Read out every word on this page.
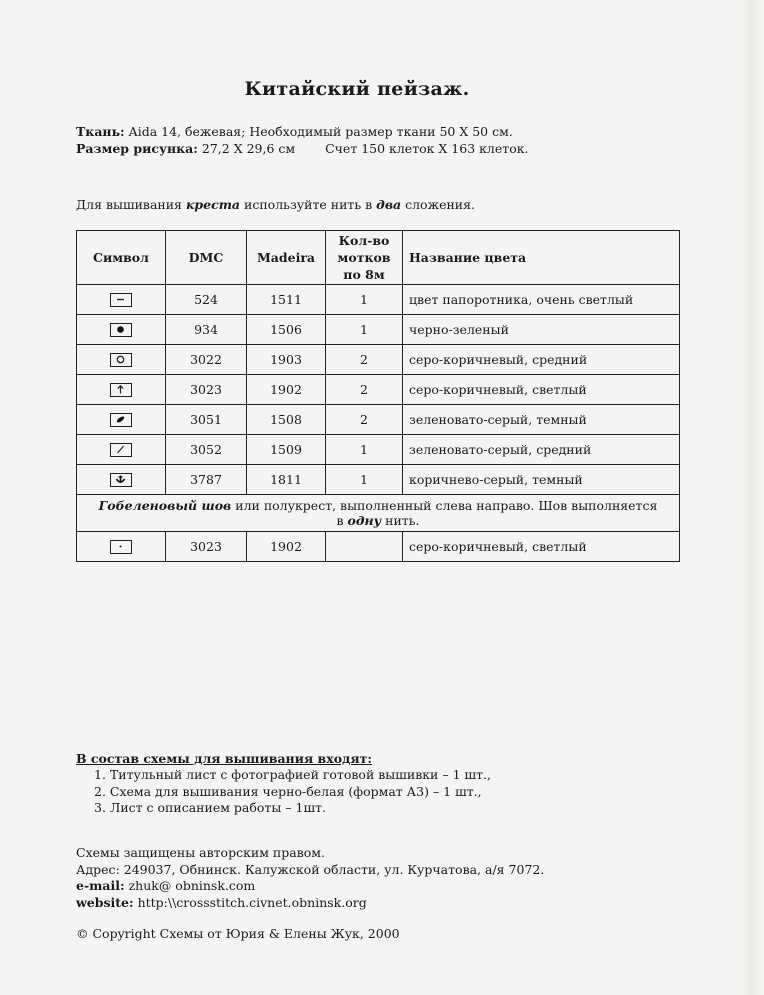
Китайский пейзаж.
Ткань: Aida 14, бежевая; Необходимый размер ткани 50 Х 50 см.
Размер рисунка: 27,2 Х 29,6 см Счет 150 клеток Х 163 клеток.
Для вышивания креста используйте нить в два сложения.
Символ	DMC	Madeira	Кол-во
мотков
по 8м	Название цвета

	524	1511	1	цвет папоротника, очень светлый

	934	1506	1	черно-зеленый

	3022	1903	2	серо-коричневый, средний

	3023	1902	2	серо-коричневый, светлый

	3051	1508	2	зеленовато-серый, темный

	3052	1509	1	зеленовато-серый, средний

	3787	1811	1	коричнево-серый, темный
Гобеленовый шов или полукрест, выполненный слева направо. Шов выполняется
в одну нить.				

	3023	1902		серо-коричневый, светлый
В состав схемы для вышивания входят:
1. Титульный лист с фотографией готовой вышивки – 1 шт.,
2. Схема для вышивания черно-белая (формат А3) – 1 шт.,
3. Лист с описанием работы – 1шт.
Схемы защищены авторским правом.
Адрес: 249037, Обнинск. Калужской области, ул. Курчатова, а/я 7072.
e-mail: zhuk@ obninsk.com
website: http:\\crossstitch.civnet.obninsk.org
© Copyright Схемы от Юрия & Елены Жук, 2000
